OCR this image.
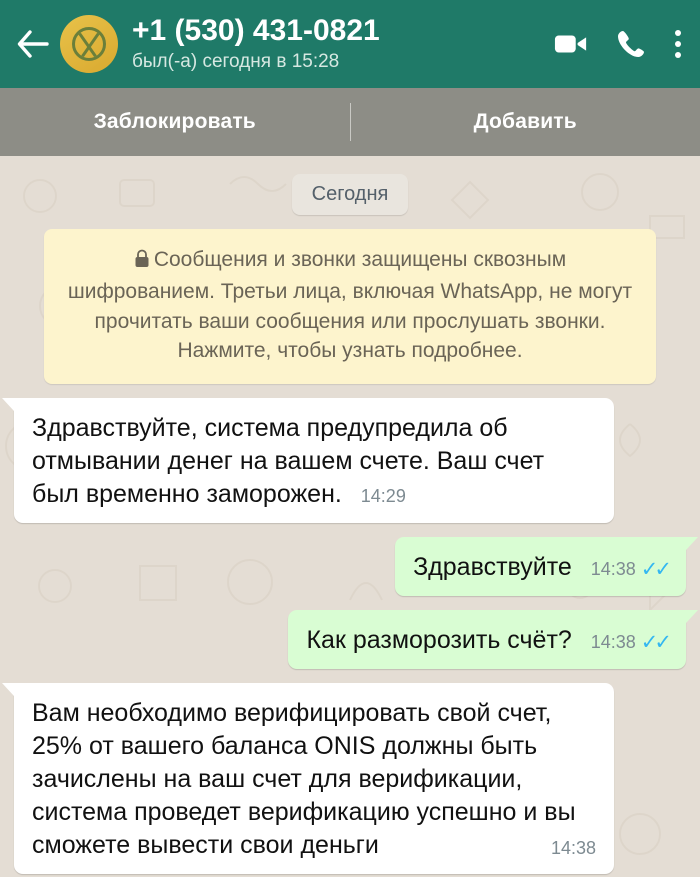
+1 (530) 431-0821
был(-а) сегодня в 15:28
Заблокировать	Добавить
Сегодня
Сообщения и звонки защищены сквозным шифрованием. Третьи лица, включая WhatsApp, не могут прочитать ваши сообщения или прослушать звонки. Нажмите, чтобы узнать подробнее.
Здравствуйте, система предупредила об отмывании денег на вашем счете. Ваш счет был временно заморожен. 14:29
Здравствуйте 14:38 ✓✓
Как разморозить счёт? 14:38 ✓✓
Вам необходимо верифицировать свой счет, 25% от вашего баланса ONIS должны быть зачислены на ваш счет для верификации, система проведет верификацию успешно и вы сможете вывести свои деньги	14:38
